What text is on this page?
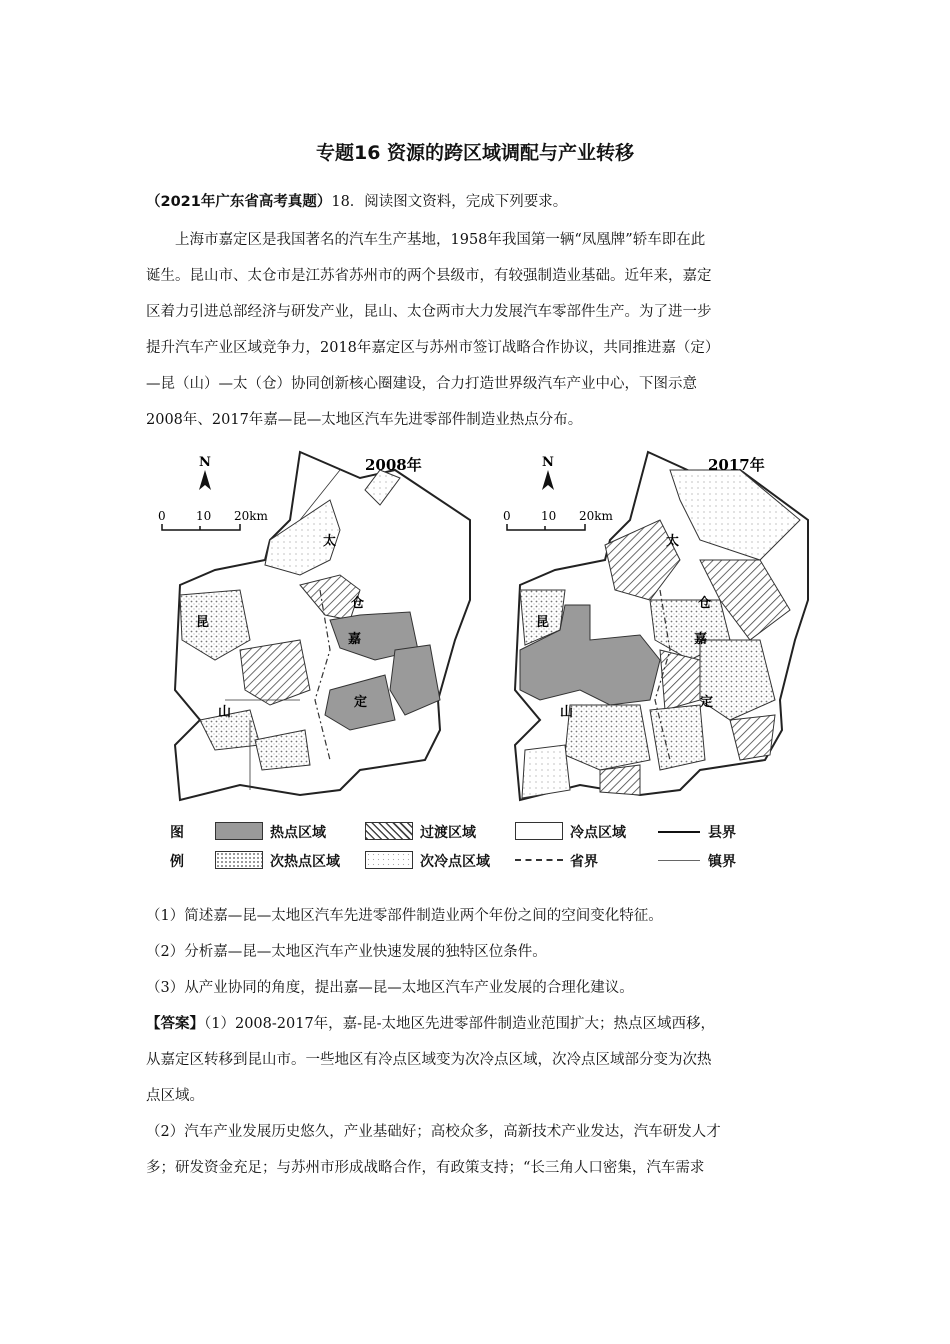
专题16 资源的跨区域调配与产业转移
（2021年广东省高考真题）18．阅读图文资料，完成下列要求。
上海市嘉定区是我国著名的汽车生产基地，1958年我国第一辆“凤凰牌”轿车即在此
诞生。昆山市、太仓市是江苏省苏州市的两个县级市，有较强制造业基础。近年来，嘉定
区着力引进总部经济与研发产业，昆山、太仓两市大力发展汽车零部件生产。为了进一步
提升汽车产业区域竞争力，2018年嘉定区与苏州市签订战略合作协议，共同推进嘉（定）
—昆（山）—太（仓）协同创新核心圈建设，合力打造世界级汽车产业中心，下图示意
2008年、2017年嘉—昆—太地区汽车先进零部件制造业热点分布。
太
仓
昆
嘉
山
定
2008年
N
0	10 20km
太
仓
昆
嘉
山
定
2017年
N
0	10 20km
图
例
热点区域	过渡区域	冷点区域	县界
次热点区域	次冷点区域	省界	镇界
（1）简述嘉—昆—太地区汽车先进零部件制造业两个年份之间的空间变化特征。
（2）分析嘉—昆—太地区汽车产业快速发展的独特区位条件。
（3）从产业协同的角度，提出嘉—昆—太地区汽车产业发展的合理化建议。
【答案】（1）2008-2017年，嘉-昆-太地区先进零部件制造业范围扩大；热点区域西移，
从嘉定区转移到昆山市。一些地区有冷点区域变为次冷点区域，次冷点区域部分变为次热
点区域。
（2）汽车产业发展历史悠久，产业基础好；高校众多，高新技术产业发达，汽车研发人才
多；研发资金充足；与苏州市形成战略合作，有政策支持；“长三角人口密集，汽车需求
